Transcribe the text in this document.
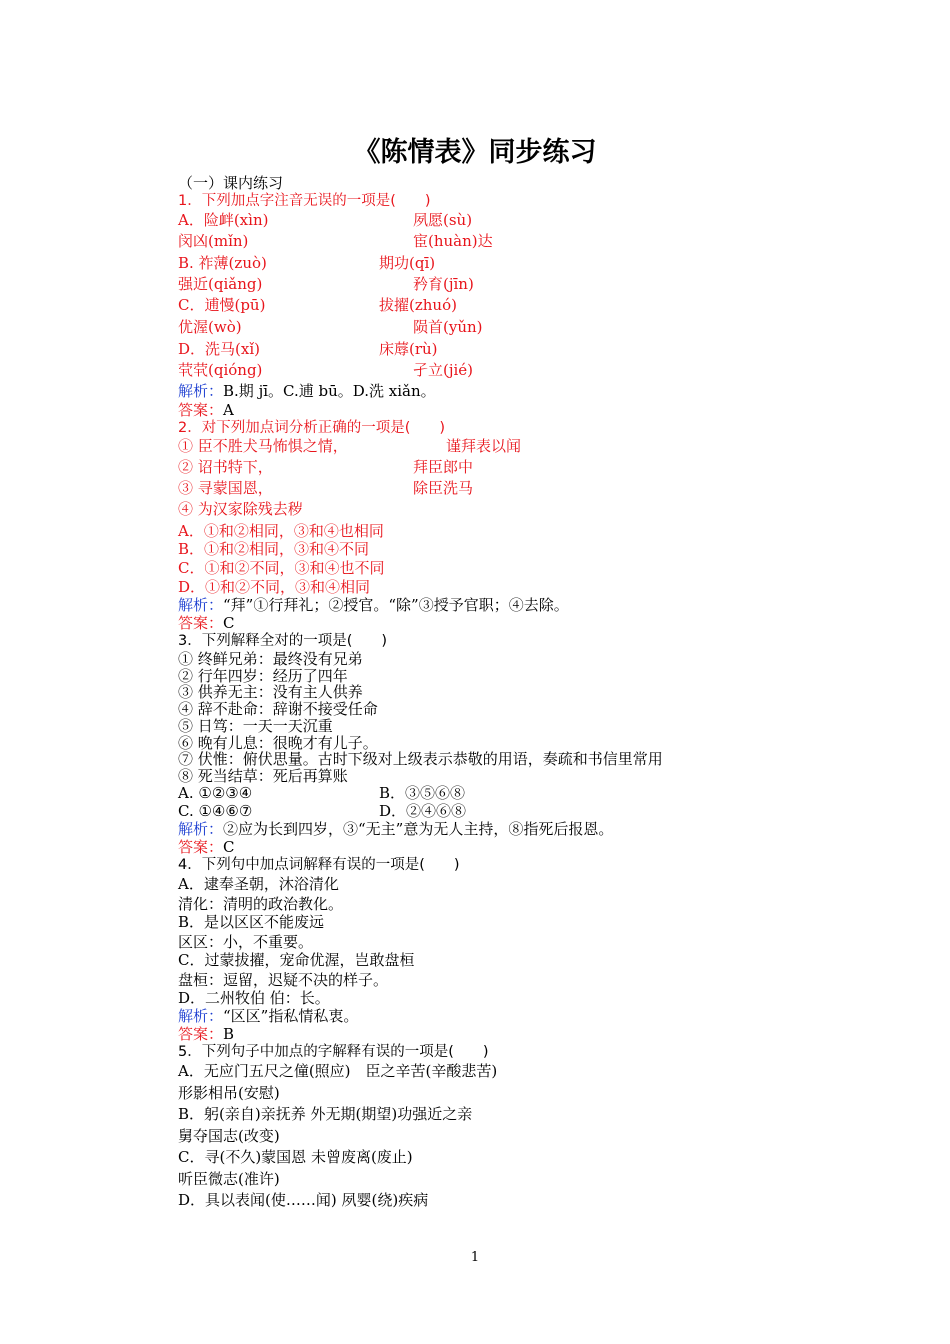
《陈情表》同步练习
（一）课内练习
1．下列加点字注音无误的一项是(　　)
A．险衅(xìn)	夙愿(sù)
闵凶(mǐn)	宦(huàn)达
B. 祚薄(zuò)	期功(qī)
强近(qiǎng)	矜育(jīn)
C．逋慢(pū)	拔擢(zhuó)
优渥(wò)	陨首(yǔn)
D．洗马(xǐ)	床蓐(rù)
茕茕(qióng)	孑立(jié)
解析：B.期 jī。C.逋 bū。D.洗 xiǎn。
答案：A
2．对下列加点词分析正确的一项是(　　)
① 臣不胜犬马怖惧之情，	谨拜表以闻
② 诏书特下，	拜臣郎中
③ 寻蒙国恩，	除臣洗马
④ 为汉家除残去秽
A．①和②相同，③和④也相同
B．①和②相同，③和④不同
C．①和②不同，③和④也不同
D．①和②不同，③和④相同
解析：“拜”①行拜礼；②授官。“除”③授予官职；④去除。
答案：C
3．下列解释全对的一项是(　　)
① 终鲜兄弟：最终没有兄弟
② 行年四岁：经历了四年
③ 供养无主：没有主人供养
④ 辞不赴命：辞谢不接受任命
⑤ 日笃：一天一天沉重
⑥ 晚有儿息：很晚才有儿子。
⑦ 伏惟：俯伏思量。古时下级对上级表示恭敬的用语，奏疏和书信里常用
⑧ 死当结草：死后再算账
A. ①②③④	B．③⑤⑥⑧
C. ①④⑥⑦	D．②④⑥⑧
解析：②应为长到四岁，③“无主”意为无人主持，⑧指死后报恩。
答案：C
4．下列句中加点词解释有误的一项是(　　)
A．逮奉圣朝，沐浴清化
清化：清明的政治教化。
B．是以区区不能废远
区区：小，不重要。
C．过蒙拔擢，宠命优渥，岂敢盘桓
盘桓：逗留，迟疑不决的样子。
D．二州牧伯 伯：长。
解析：“区区”指私情私衷。
答案：B
5．下列句子中加点的字解释有误的一项是(　　)
A．无应门五尺之僮(照应)　臣之辛苦(辛酸悲苦)
形影相吊(安慰)
B．躬(亲自)亲抚养 外无期(期望)功强近之亲
舅夺国志(改变)
C．寻(不久)蒙国恩 未曾废离(废止)
听臣微志(准许)
D．具以表闻(使……闻) 夙婴(绕)疾病
1
